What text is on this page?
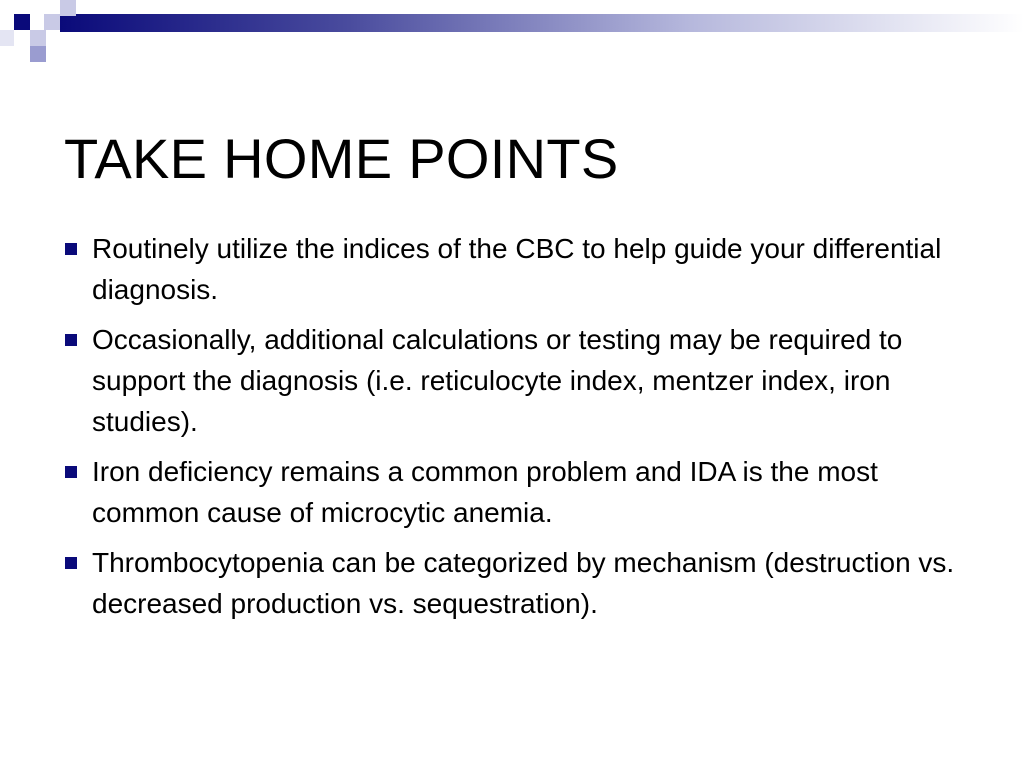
TAKE HOME POINTS
Routinely utilize the indices of the CBC to help guide your differential diagnosis.
Occasionally, additional calculations or testing may be required to support the diagnosis (i.e. reticulocyte index, mentzer index, iron studies).
Iron deficiency remains a common problem and IDA is the most common cause of microcytic anemia.
Thrombocytopenia can be categorized by mechanism (destruction vs. decreased production vs. sequestration).
